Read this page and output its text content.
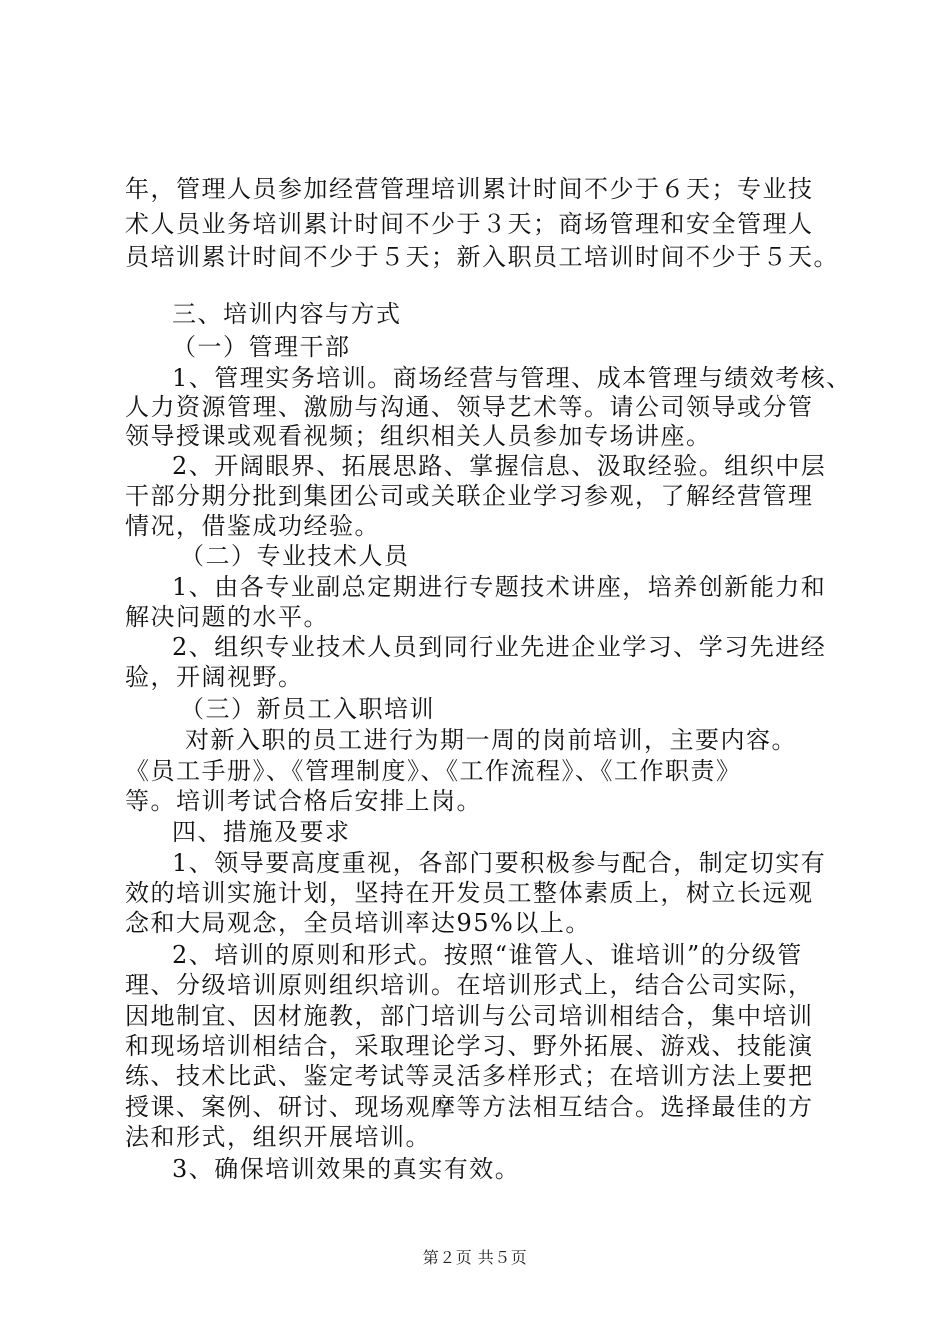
年，管理人员参加经营管理培训累计时间不少于６天；专业技
术人员业务培训累计时间不少于３天；商场管理和安全管理人
员培训累计时间不少于５天；新入职员工培训时间不少于５天。
三、培训内容与方式
（一）管理干部
1、管理实务培训。商场经营与管理、成本管理与绩效考核、
人力资源管理、激励与沟通、领导艺术等。请公司领导或分管
领导授课或观看视频；组织相关人员参加专场讲座。
2、开阔眼界、拓展思路、掌握信息、汲取经验。组织中层
干部分期分批到集团公司或关联企业学习参观，了解经营管理
情况，借鉴成功经验。
（二）专业技术人员
1、由各专业副总定期进行专题技术讲座，培养创新能力和
解决问题的水平。
2、组织专业技术人员到同行业先进企业学习、学习先进经
验，开阔视野。
（三）新员工入职培训
对新入职的员工进行为期一周的岗前培训，主要内容。
《员工手册》、《管理制度》、《工作流程》、《工作职责》
等。培训考试合格后安排上岗。
四、措施及要求
1、领导要高度重视，各部门要积极参与配合，制定切实有
效的培训实施计划，坚持在开发员工整体素质上，树立长远观
念和大局观念，全员培训率达95%以上。
2、培训的原则和形式。按照“谁管人、谁培训”的分级管
理、分级培训原则组织培训。在培训形式上，结合公司实际，
因地制宜、因材施教，部门培训与公司培训相结合，集中培训
和现场培训相结合，采取理论学习、野外拓展、游戏、技能演
练、技术比武、鉴定考试等灵活多样形式；在培训方法上要把
授课、案例、研讨、现场观摩等方法相互结合。选择最佳的方
法和形式，组织开展培训。
3、确保培训效果的真实有效。
第２页 共５页
